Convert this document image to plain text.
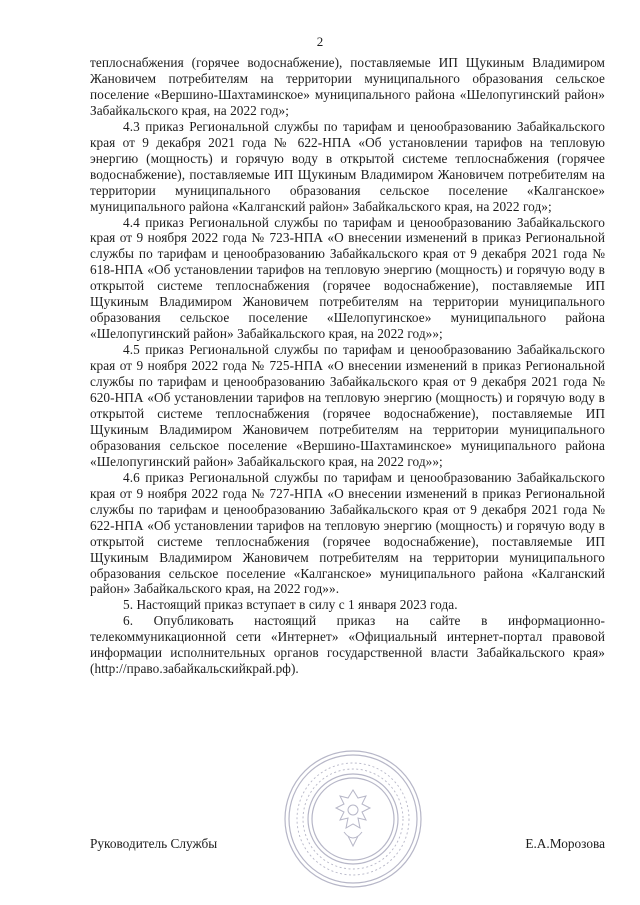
2

теплоснабжения (горячее водоснабжение), поставляемые ИП Щукиным Владимиром Жановичем потребителям на территории муниципального образования сельское поселение «Вершино-Шахтаминское» муниципального района «Шелопугинский район» Забайкальского края, на 2022 год»;

4.3 приказ Региональной службы по тарифам и ценообразованию Забайкальского края от 9 декабря 2021 года № 622-НПА «Об установлении тарифов на тепловую энергию (мощность) и горячую воду в открытой системе теплоснабжения (горячее водоснабжение), поставляемые ИП Щукиным Владимиром Жановичем потребителям на территории муниципального образования сельское поселение «Калганское» муниципального района «Калганский район» Забайкальского края, на 2022 год»;

4.4 приказ Региональной службы по тарифам и ценообразованию Забайкальского края от 9 ноября 2022 года № 723-НПА «О внесении изменений в приказ Региональной службы по тарифам и ценообразованию Забайкальского края от 9 декабря 2021 года № 618-НПА «Об установлении тарифов на тепловую энергию (мощность) и горячую воду в открытой системе теплоснабжения (горячее водоснабжение), поставляемые ИП Щукиным Владимиром Жановичем потребителям на территории муниципального образования сельское поселение «Шелопугинское» муниципального района «Шелопугинский район» Забайкальского края, на 2022 год»»;

4.5 приказ Региональной службы по тарифам и ценообразованию Забайкальского края от 9 ноября 2022 года № 725-НПА «О внесении изменений в приказ Региональной службы по тарифам и ценообразованию Забайкальского края от 9 декабря 2021 года № 620-НПА «Об установлении тарифов на тепловую энергию (мощность) и горячую воду в открытой системе теплоснабжения (горячее водоснабжение), поставляемые ИП Щукиным Владимиром Жановичем потребителям на территории муниципального образования сельское поселение «Вершино-Шахтаминское» муниципального района «Шелопугинский район» Забайкальского края, на 2022 год»»;

4.6 приказ Региональной службы по тарифам и ценообразованию Забайкальского края от 9 ноября 2022 года № 727-НПА «О внесении изменений в приказ Региональной службы по тарифам и ценообразованию Забайкальского края от 9 декабря 2021 года № 622-НПА «Об установлении тарифов на тепловую энергию (мощность) и горячую воду в открытой системе теплоснабжения (горячее водоснабжение), поставляемые ИП Щукиным Владимиром Жановичем потребителям на территории муниципального образования сельское поселение «Калганское» муниципального района «Калганский район» Забайкальского края, на 2022 год»».

5. Настоящий приказ вступает в силу с 1 января 2023 года.

6. Опубликовать настоящий приказ на сайте в информационно-телекоммуникационной сети «Интернет» «Официальный интернет-портал правовой информации исполнительных органов государственной власти Забайкальского края» (http://право.забайкальскийкрай.рф).

Руководитель Службы	Е.А.Морозова
